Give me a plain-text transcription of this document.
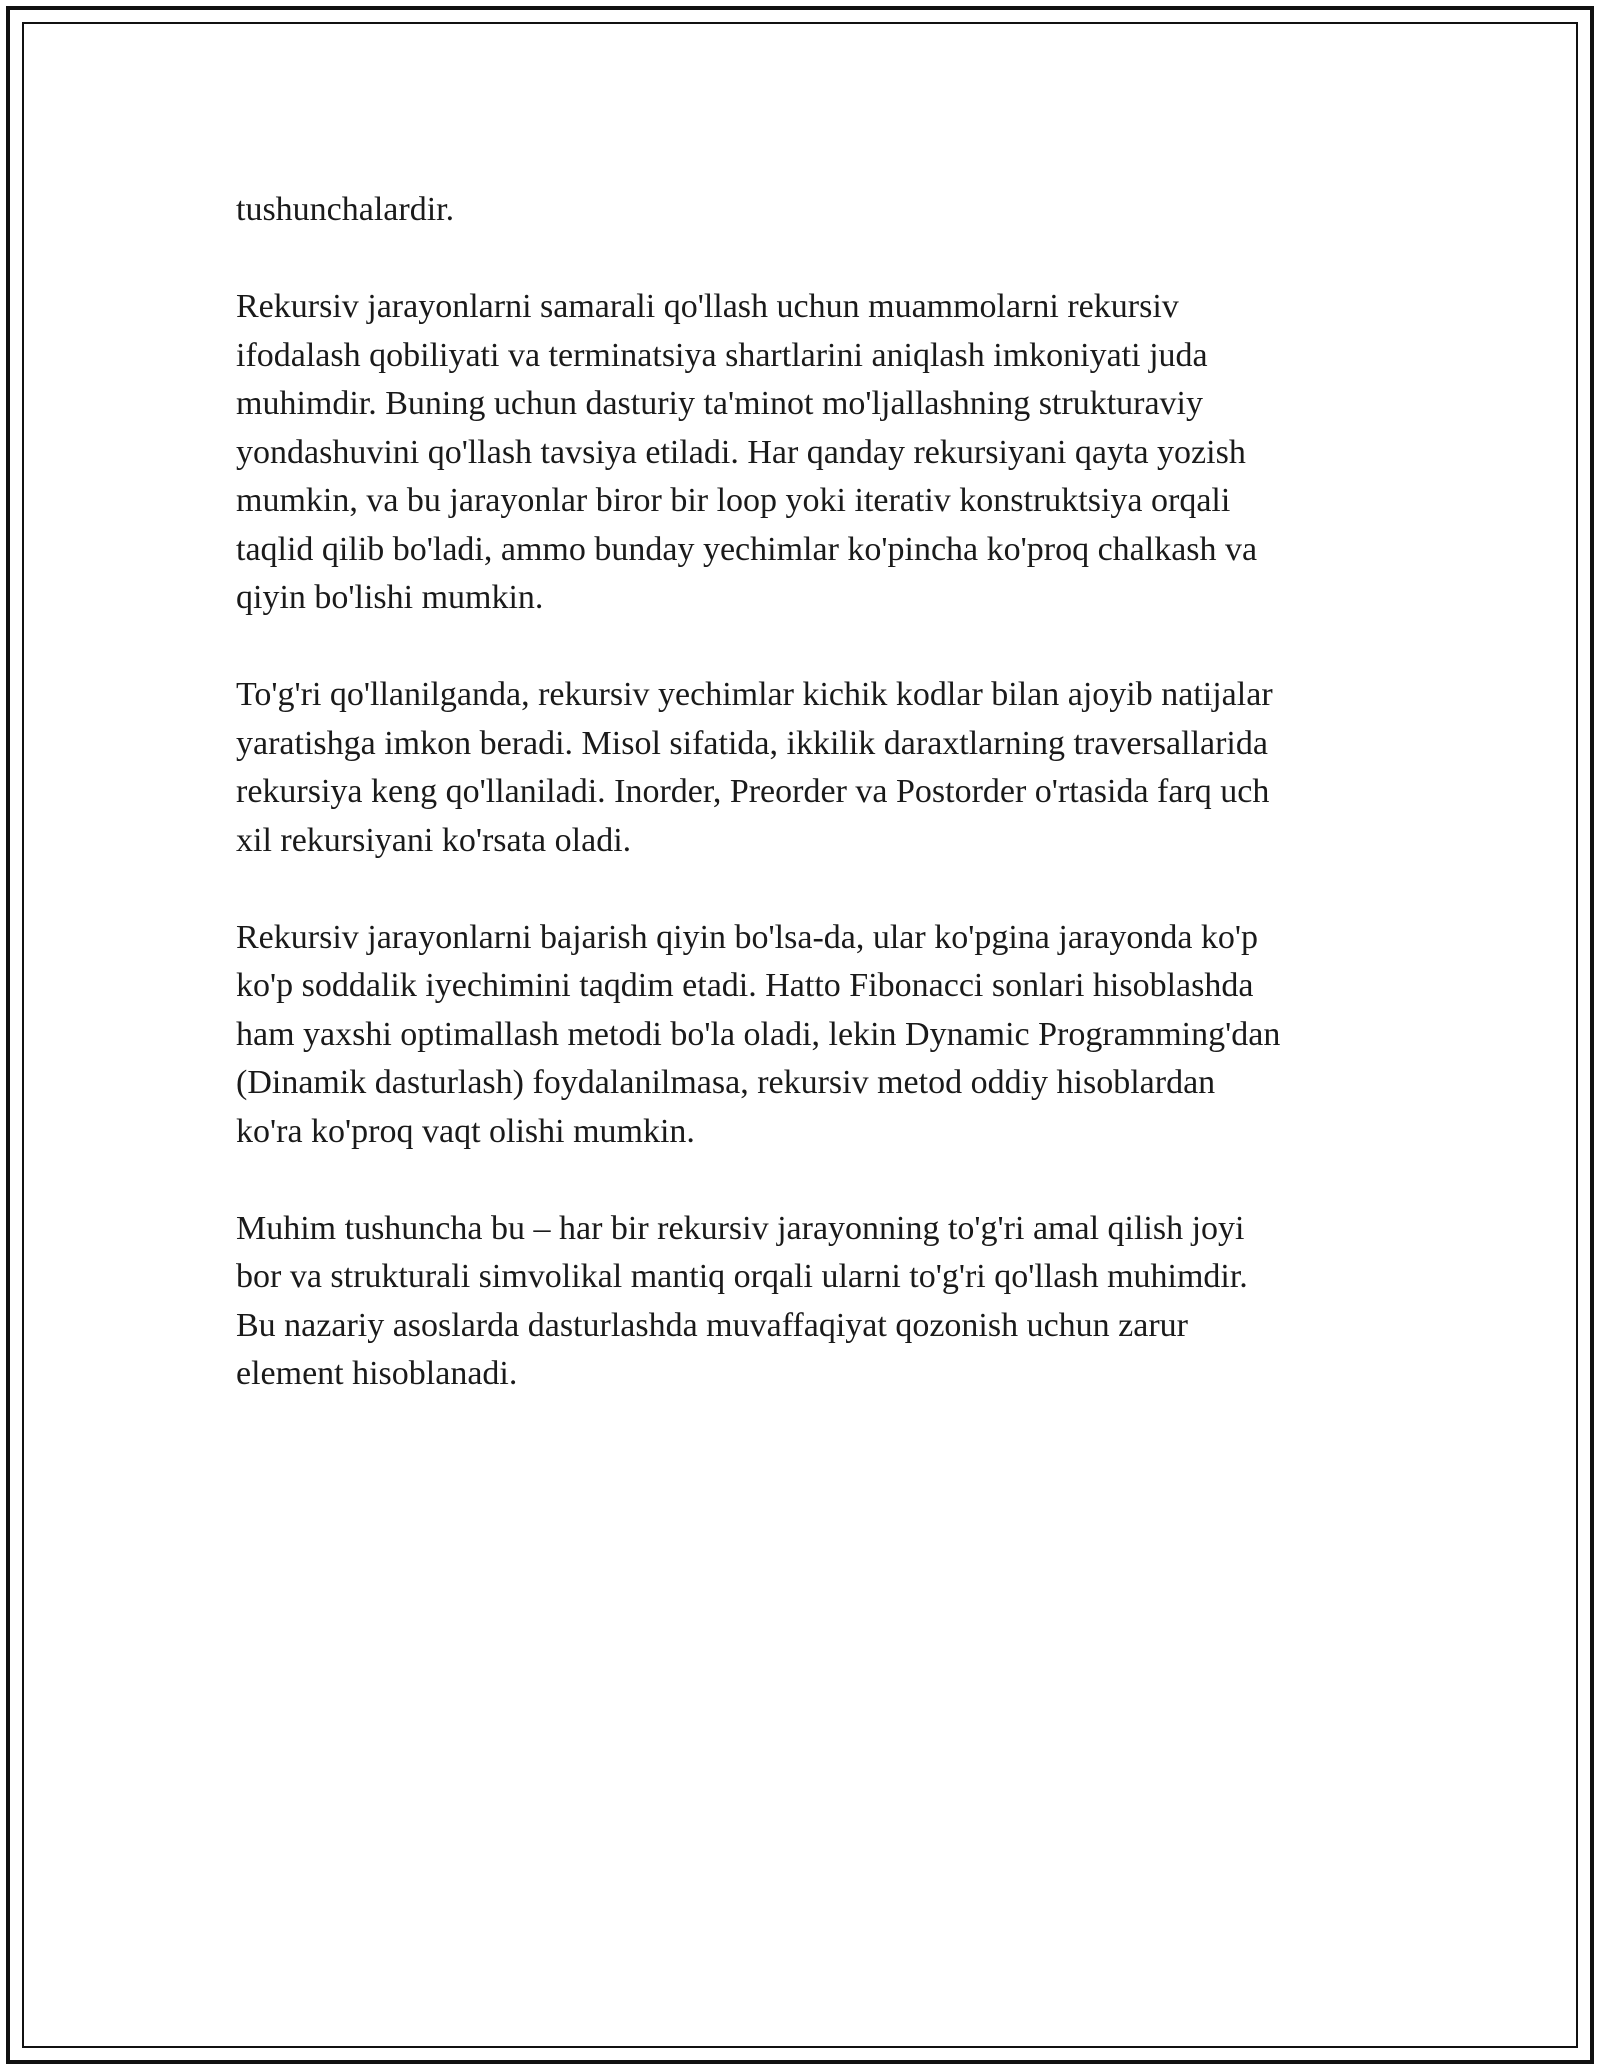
tushunchalardir.

Rekursiv jarayonlarni samarali qo'llash uchun muammolarni rekursiv
ifodalash qobiliyati va terminatsiya shartlarini aniqlash imkoniyati juda
muhimdir. Buning uchun dasturiy ta'minot mo'ljallashning strukturaviy
yondashuvini qo'llash tavsiya etiladi. Har qanday rekursiyani qayta yozish
mumkin, va bu jarayonlar biror bir loop yoki iterativ konstruktsiya orqali
taqlid qilib bo'ladi, ammo bunday yechimlar ko'pincha ko'proq chalkash va
qiyin bo'lishi mumkin.

To'g'ri qo'llanilganda, rekursiv yechimlar kichik kodlar bilan ajoyib natijalar
yaratishga imkon beradi. Misol sifatida, ikkilik daraxtlarning traversallarida
rekursiya keng qo'llaniladi. Inorder, Preorder va Postorder o'rtasida farq uch
xil rekursiyani ko'rsata oladi.

Rekursiv jarayonlarni bajarish qiyin bo'lsa-da, ular ko'pgina jarayonda ko'p
ko'p soddalik iyechimini taqdim etadi. Hatto Fibonacci sonlari hisoblashda
ham yaxshi optimallash metodi bo'la oladi, lekin Dynamic Programming'dan
(Dinamik dasturlash) foydalanilmasa, rekursiv metod oddiy hisoblardan
ko'ra ko'proq vaqt olishi mumkin.

Muhim tushuncha bu – har bir rekursiv jarayonning to'g'ri amal qilish joyi
bor va strukturali simvolikal mantiq orqali ularni to'g'ri qo'llash muhimdir.
Bu nazariy asoslarda dasturlashda muvaffaqiyat qozonish uchun zarur
element hisoblanadi.
